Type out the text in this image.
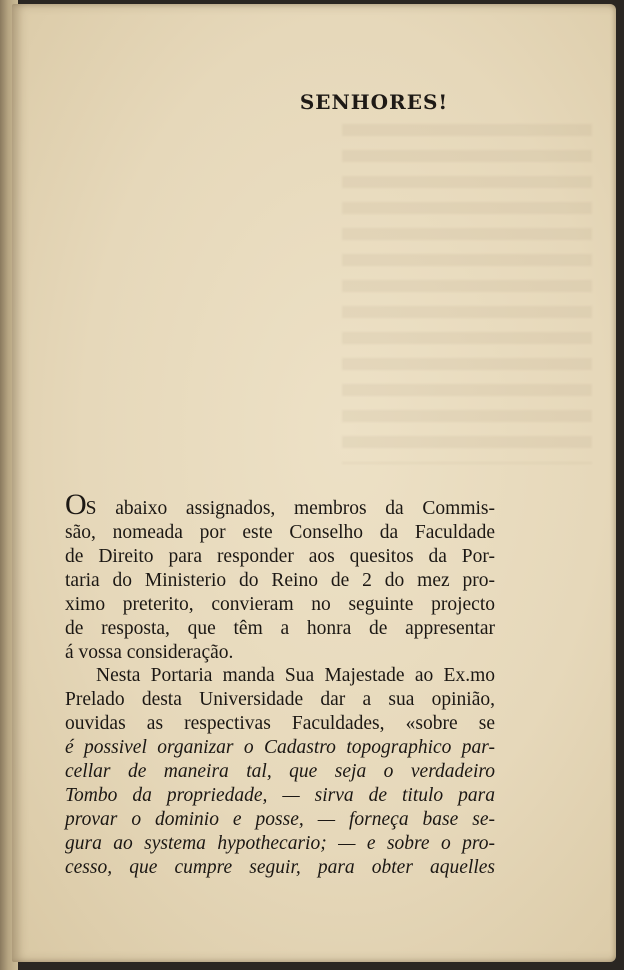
SENHORES!
OS abaixo assignados, membros da Commis-
são, nomeada por este Conselho da Faculdade
de Direito para responder aos quesitos da Por-
taria do Ministerio do Reino de 2 do mez pro-
ximo preterito, convieram no seguinte projecto
de resposta, que têm a honra de appresentar
á vossa consideração.
Nesta Portaria manda Sua Majestade ao Ex.mo
Prelado desta Universidade dar a sua opinião,
ouvidas as respectivas Faculdades, «sobre se
é possivel organizar o Cadastro topographico par-
cellar de maneira tal, que seja o verdadeiro
Tombo da propriedade, — sirva de titulo para
provar o dominio e posse, — forneça base se-
gura ao systema hypothecario; — e sobre o pro-
cesso, que cumpre seguir, para obter aquelles
